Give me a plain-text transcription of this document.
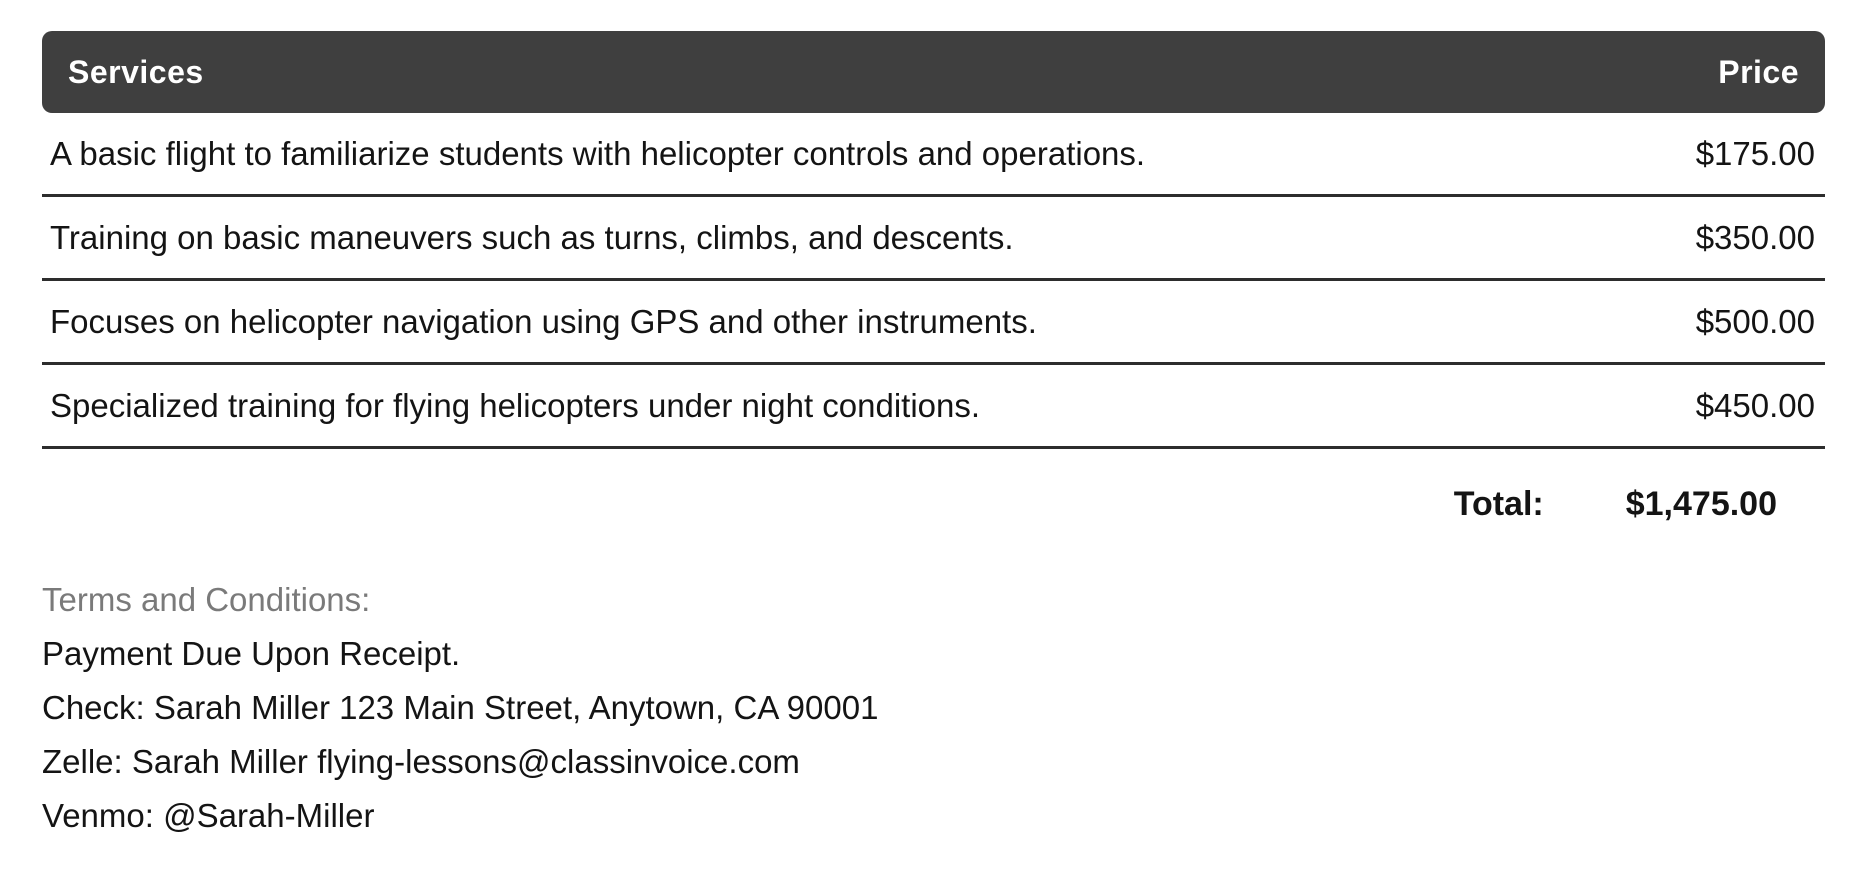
Services	Price
A basic flight to familiarize students with helicopter controls and operations.	$175.00
Training on basic maneuvers such as turns, climbs, and descents.	$350.00
Focuses on helicopter navigation using GPS and other instruments.	$500.00
Specialized training for flying helicopters under night conditions.	$450.00
Total: $1,475.00
Terms and Conditions:
Payment Due Upon Receipt.
Check: Sarah Miller 123 Main Street, Anytown, CA 90001
Zelle: Sarah Miller flying-lessons@classinvoice.com
Venmo: @Sarah-Miller
